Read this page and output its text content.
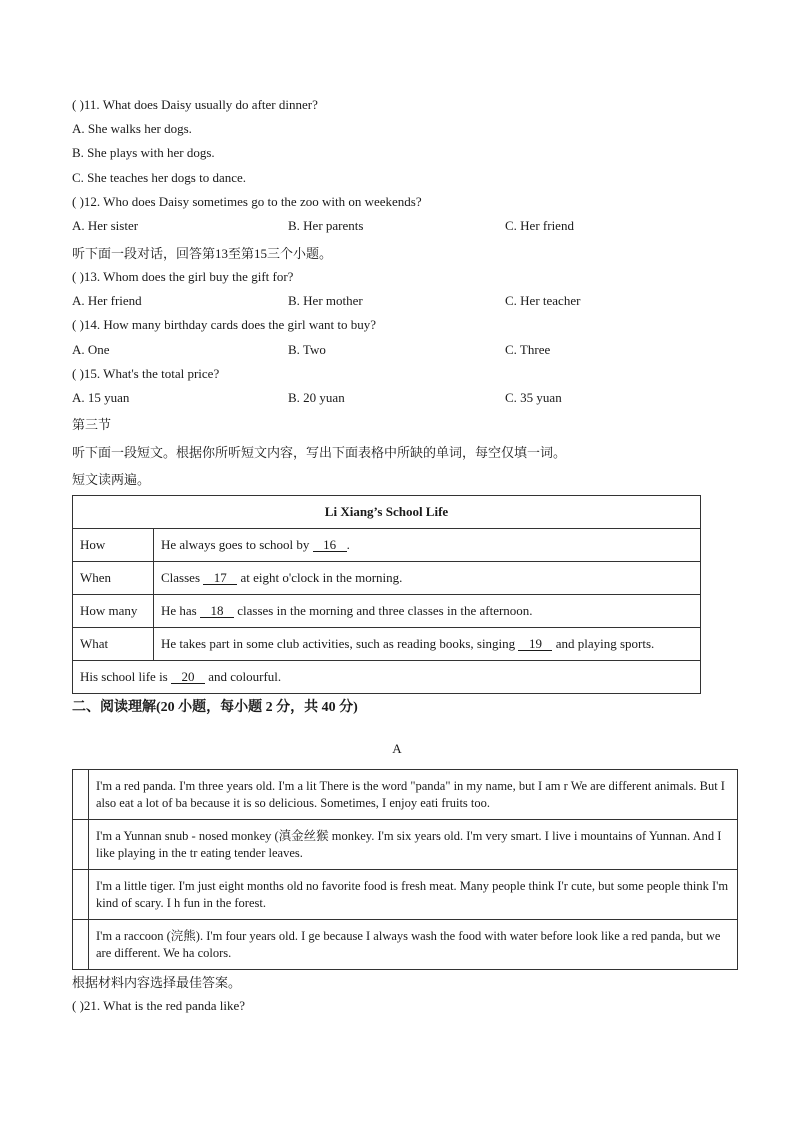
( )11. What does Daisy usually do after dinner?
A. She walks her dogs.
B. She plays with her dogs.
C. She teaches her dogs to dance.
( )12. Who does Daisy sometimes go to the zoo with on weekends?
A. Her sister	B. Her parents	C. Her friend
听下面一段对话，回答第13至第15三个小题。
( )13. Whom does the girl buy the gift for?
A. Her friend	B. Her mother	C. Her teacher
( )14. How many birthday cards does the girl want to buy?
A. One	B. Two	C. Three
( )15. What's the total price?
A. 15 yuan	B. 20 yuan	C. 35 yuan
第三节
听下面一段短文。根据你所听短文内容，写出下面表格中所缺的单词，每空仅填一词。
短文读两遍。
Li Xiang’s School Life	
How	He always goes to school by 16 .
When	Classes 17 at eight o'clock in the morning.
How many	He has 18 classes in the morning and three classes in the afternoon.
What	He takes part in some club activities, such as reading books, singing 19 and playing sports.
His school life is 20 and colourful.	
二、阅读理解(20 小题，每小题 2 分，共 40 分)
A
	I'm a red panda. I'm three years old. I'm a lit There is the word "panda" in my name, but I am r We are different animals. But I also eat a lot of ba because it is so delicious. Sometimes, I enjoy eati fruits too.
	I'm a Yunnan snub - nosed monkey (滇金丝猴 monkey. I'm six years old. I'm very smart. I live i mountains of Yunnan. And I like playing in the tr eating tender leaves.
	I'm a little tiger. I'm just eight months old no favorite food is fresh meat. Many people think I'r cute, but some people think I'm kind of scary. I h fun in the forest.
	I'm a raccoon (浣熊). I'm four years old. I ge because I always wash the food with water before look like a red panda, but we are different. We ha colors.
根据材料内容选择最佳答案。
( )21. What is the red panda like?
